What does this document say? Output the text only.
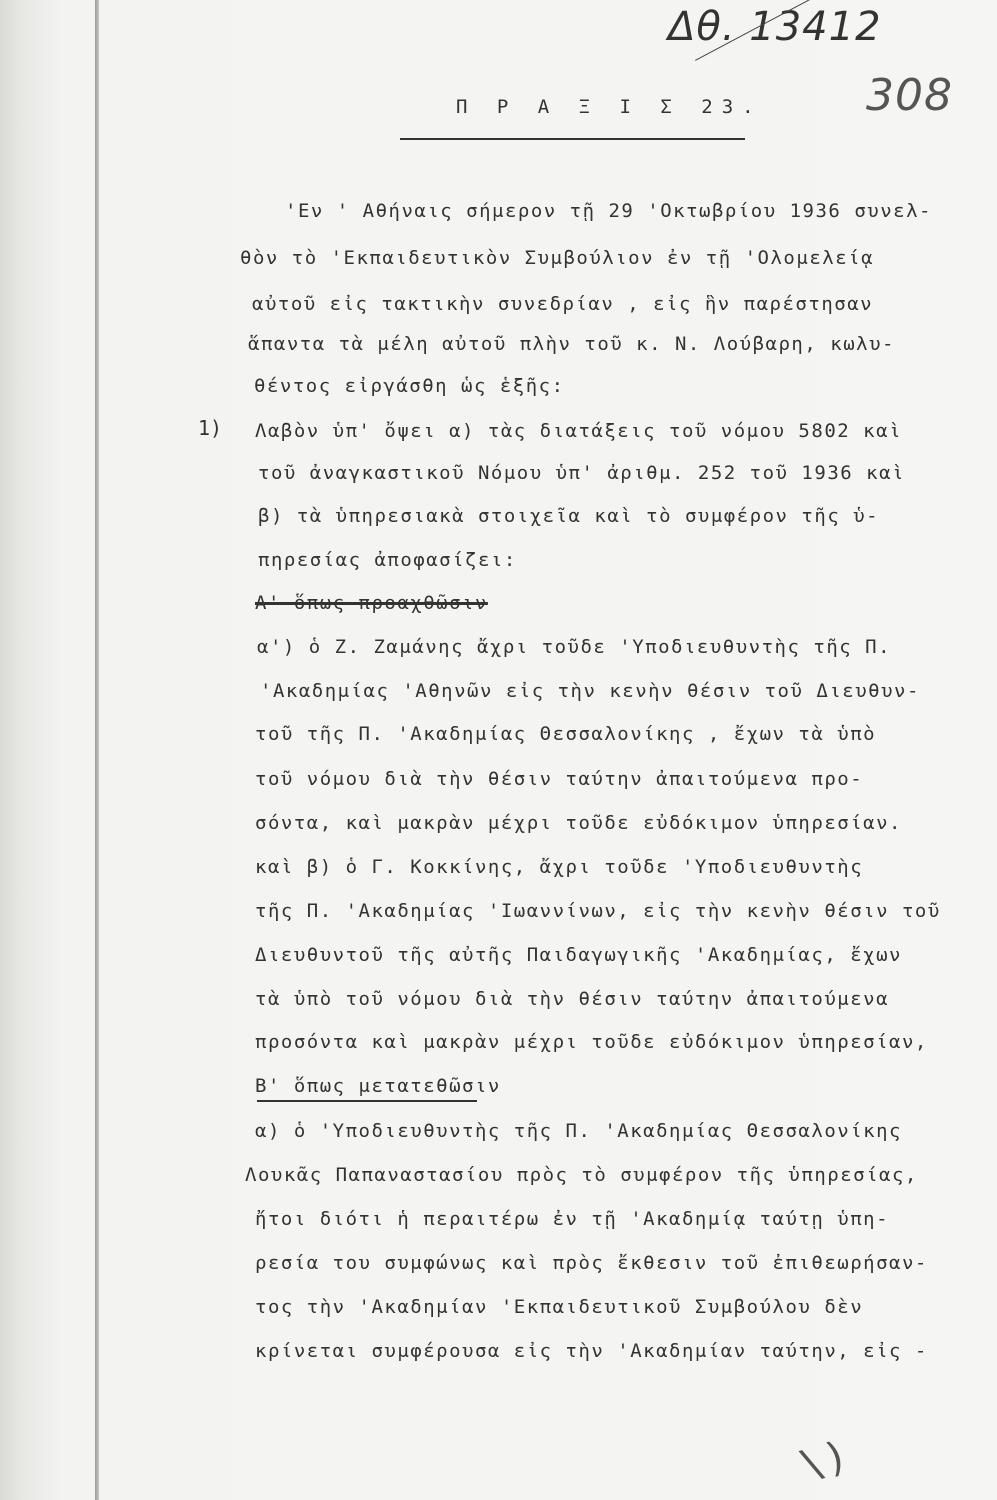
Δθ. 13412
308
Π Ρ Α Ξ Ι Σ 23.
1)
'Εν ' Αθήναις σήμερον τῇ 29 'Οκτωβρίου 1936 συνελ-
θὸν τὸ 'Εκπαιδευτικὸν Συμβούλιον ἐν τῇ 'Ολομελείᾳ
αὐτοῦ εἰς τακτικὴν συνεδρίαν , εἰς ἣν παρέστησαν
ἅπαντα τὰ μέλη αὐτοῦ πλὴν τοῦ κ. Ν. Λούβαρη, κωλυ-
θέντος εἰργάσθη ὡς ἑξῆς:
Λαβὸν ὑπ' ὄψει α) τὰς διατάξεις τοῦ νόμου 5802 καὶ
τοῦ ἀναγκαστικοῦ Νόμου ὑπ' ἀριθμ. 252 τοῦ 1936 καὶ
β) τὰ ὑπηρεσιακὰ στοιχεῖα καὶ τὸ συμφέρον τῆς ὑ-
πηρεσίας ἀποφασίζει:
Α' ὅπως προαχθῶσιν
α') ὁ Ζ. Ζαμάνης ἄχρι τοῦδε 'Υποδιευθυντὴς τῆς Π.
'Ακαδημίας 'Αθηνῶν εἰς τὴν κενὴν θέσιν τοῦ Διευθυν-
τοῦ τῆς Π. 'Ακαδημίας Θεσσαλονίκης , ἔχων τὰ ὑπὸ
τοῦ νόμου διὰ τὴν θέσιν ταύτην ἀπαιτούμενα προ-
σόντα, καὶ μακρὰν μέχρι τοῦδε εὐδόκιμον ὑπηρεσίαν.
καὶ β) ὁ Γ. Κοκκίνης, ἄχρι τοῦδε 'Υποδιευθυντὴς
τῆς Π. 'Ακαδημίας 'Ιωαννίνων, εἰς τὴν κενὴν θέσιν τοῦ
Διευθυντοῦ τῆς αὐτῆς Παιδαγωγικῆς 'Ακαδημίας, ἔχων
τὰ ὑπὸ τοῦ νόμου διὰ τὴν θέσιν ταύτην ἀπαιτούμενα
προσόντα καὶ μακρὰν μέχρι τοῦδε εὐδόκιμον ὑπηρεσίαν,
Β' ὅπως μετατεθῶσιν
α) ὁ 'Υποδιευθυντὴς τῆς Π. 'Ακαδημίας Θεσσαλονίκης
Λουκᾶς Παπαναστασίου πρὸς τὸ συμφέρον τῆς ὑπηρεσίας,
ἤτοι διότι ἡ περαιτέρω ἐν τῇ 'Ακαδημίᾳ ταύτῃ ὑπη-
ρεσία του συμφώνως καὶ πρὸς ἔκθεσιν τοῦ ἐπιθεωρήσαν-
τος τὴν 'Ακαδημίαν 'Εκπαιδευτικοῦ Συμβούλου δὲν
κρίνεται συμφέρουσα εἰς τὴν 'Ακαδημίαν ταύτην, εἰς -
\)
